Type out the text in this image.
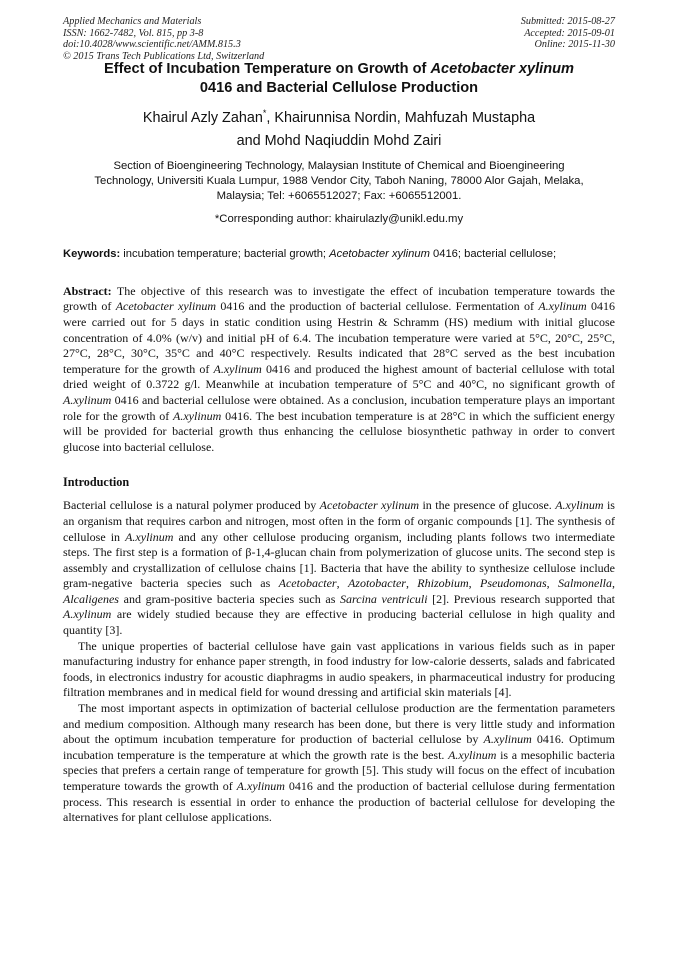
Applied Mechanics and Materials
ISSN: 1662-7482, Vol. 815, pp 3-8
doi:10.4028/www.scientific.net/AMM.815.3
© 2015 Trans Tech Publications Ltd, Switzerland
Submitted: 2015-08-27
Accepted: 2015-09-01
Online: 2015-11-30
Effect of Incubation Temperature on Growth of Acetobacter xylinum
0416 and Bacterial Cellulose Production
Khairul Azly Zahan*, Khairunnisa Nordin, Mahfuzah Mustapha
and Mohd Naqiuddin Mohd Zairi
Section of Bioengineering Technology, Malaysian Institute of Chemical and Bioengineering
Technology, Universiti Kuala Lumpur, 1988 Vendor City, Taboh Naning, 78000 Alor Gajah, Melaka,
Malaysia; Tel: +6065512027; Fax: +6065512001.
*Corresponding author: khairulazly@unikl.edu.my
Keywords: incubation temperature; bacterial growth; Acetobacter xylinum 0416; bacterial cellulose;
Abstract: The objective of this research was to investigate the effect of incubation temperature towards the growth of Acetobacter xylinum 0416 and the production of bacterial cellulose. Fermentation of A.xylinum 0416 were carried out for 5 days in static condition using Hestrin & Schramm (HS) medium with initial glucose concentration of 4.0% (w/v) and initial pH of 6.4. The incubation temperature were varied at 5°C, 20°C, 25°C, 27°C, 28°C, 30°C, 35°C and 40°C respectively. Results indicated that 28°C served as the best incubation temperature for the growth of A.xylinum 0416 and produced the highest amount of bacterial cellulose with total dried weight of 0.3722 g/l. Meanwhile at incubation temperature of 5°C and 40°C, no significant growth of A.xylinum 0416 and bacterial cellulose were obtained. As a conclusion, incubation temperature plays an important role for the growth of A.xylinum 0416. The best incubation temperature is at 28°C in which the sufficient energy will be provided for bacterial growth thus enhancing the cellulose biosynthetic pathway in order to convert glucose into bacterial cellulose.
Introduction

Bacterial cellulose is a natural polymer produced by Acetobacter xylinum in the presence of glucose. A.xylinum is an organism that requires carbon and nitrogen, most often in the form of organic compounds [1]. The synthesis of cellulose in A.xylinum and any other cellulose producing organism, including plants follows two intermediate steps. The first step is a formation of β-1,4-glucan chain from polymerization of glucose units. The second step is assembly and crystallization of cellulose chains [1]. Bacteria that have the ability to synthesize cellulose include gram-negative bacteria species such as Acetobacter, Azotobacter, Rhizobium, Pseudomonas, Salmonella, Alcaligenes and gram-positive bacteria species such as Sarcina ventriculi [2]. Previous research supported that A.xylinum are widely studied because they are effective in producing bacterial cellulose in high quality and quantity [3].

The unique properties of bacterial cellulose have gain vast applications in various fields such as in paper manufacturing industry for enhance paper strength, in food industry for low-calorie desserts, salads and fabricated foods, in electronics industry for acoustic diaphragms in audio speakers, in pharmaceutical industry for producing filtration membranes and in medical field for wound dressing and artificial skin materials [4].

The most important aspects in optimization of bacterial cellulose production are the fermentation parameters and medium composition. Although many research has been done, but there is very little study and information about the optimum incubation temperature for production of bacterial cellulose by A.xylinum 0416. Optimum incubation temperature is the temperature at which the growth rate is the best. A.xylinum is a mesophilic bacteria species that prefers a certain range of temperature for growth [5]. This study will focus on the effect of incubation temperature towards the growth of A.xylinum 0416 and the production of bacterial cellulose during fermentation process. This research is essential in order to enhance the production of bacterial cellulose for developing the alternatives for plant cellulose applications.
